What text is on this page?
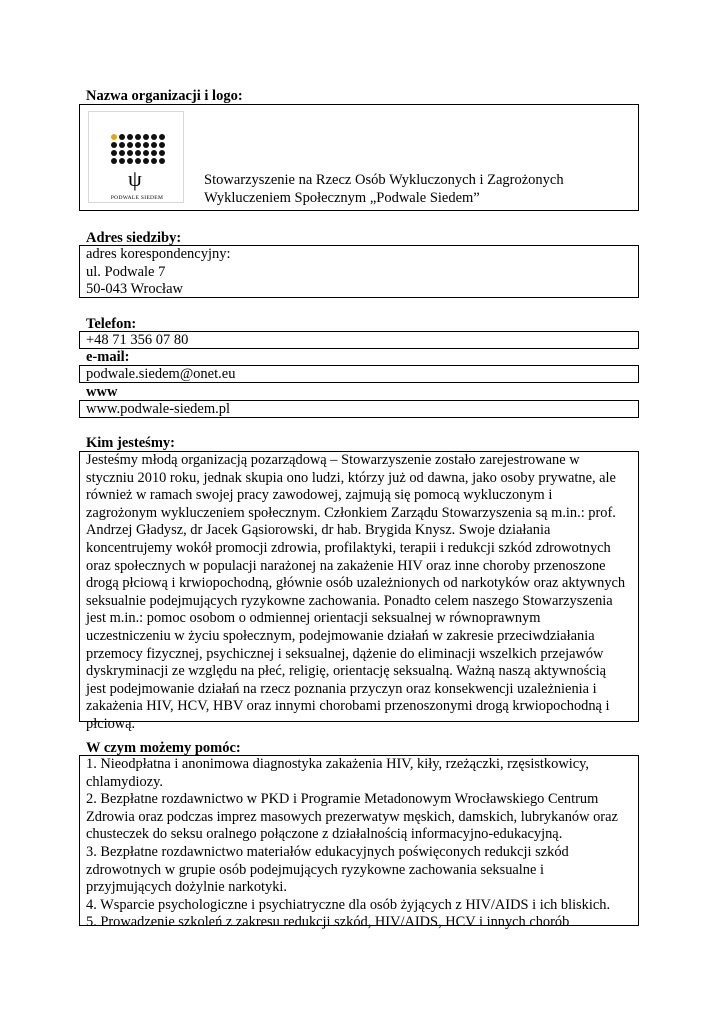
Nazwa organizacji i logo:
ψ
PODWALE SIEDEM
Stowarzyszenie na Rzecz Osób Wykluczonych i Zagrożonych
Wykluczeniem Społecznym „Podwale Siedem”
Adres siedziby:
adres korespondencyjny:
ul. Podwale 7
50-043 Wrocław
Telefon:
+48 71 356 07 80
e-mail:
podwale.siedem@onet.eu
www
www.podwale-siedem.pl
Kim jesteśmy:
Jesteśmy młodą organizacją pozarządową – Stowarzyszenie zostało zarejestrowane w
styczniu 2010 roku, jednak skupia ono ludzi, którzy już od dawna, jako osoby prywatne, ale
również w ramach swojej pracy zawodowej, zajmują się pomocą wykluczonym i
zagrożonym wykluczeniem społecznym. Członkiem Zarządu Stowarzyszenia są m.in.: prof.
Andrzej Gładysz, dr Jacek Gąsiorowski, dr hab. Brygida Knysz. Swoje działania
koncentrujemy wokół promocji zdrowia, profilaktyki, terapii i redukcji szkód zdrowotnych
oraz społecznych w populacji narażonej na zakażenie HIV oraz inne choroby przenoszone
drogą płciową i krwiopochodną, głównie osób uzależnionych od narkotyków oraz aktywnych
seksualnie podejmujących ryzykowne zachowania. Ponadto celem naszego Stowarzyszenia
jest m.in.: pomoc osobom o odmiennej orientacji seksualnej w równoprawnym
uczestniczeniu w życiu społecznym, podejmowanie działań w zakresie przeciwdziałania
przemocy fizycznej, psychicznej i seksualnej, dążenie do eliminacji wszelkich przejawów
dyskryminacji ze względu na płeć, religię, orientację seksualną. Ważną naszą aktywnością
jest podejmowanie działań na rzecz poznania przyczyn oraz konsekwencji uzależnienia i
zakażenia HIV, HCV, HBV oraz innymi chorobami przenoszonymi drogą krwiopochodną i
płciową.
W czym możemy pomóc:
1. Nieodpłatna i anonimowa diagnostyka zakażenia HIV, kiły, rzeżączki, rzęsistkowicy,
chlamydiozy.
2. Bezpłatne rozdawnictwo w PKD i Programie Metadonowym Wrocławskiego Centrum
Zdrowia oraz podczas imprez masowych prezerwatyw męskich, damskich, lubrykanów oraz
chusteczek do seksu oralnego połączone z działalnością informacyjno-edukacyjną.
3. Bezpłatne rozdawnictwo materiałów edukacyjnych poświęconych redukcji szkód
zdrowotnych w grupie osób podejmujących ryzykowne zachowania seksualne i
przyjmujących dożylnie narkotyki.
4. Wsparcie psychologiczne i psychiatryczne dla osób żyjących z HIV/AIDS i ich bliskich.
5. Prowadzenie szkoleń z zakresu redukcji szkód, HIV/AIDS, HCV i innych chorób
